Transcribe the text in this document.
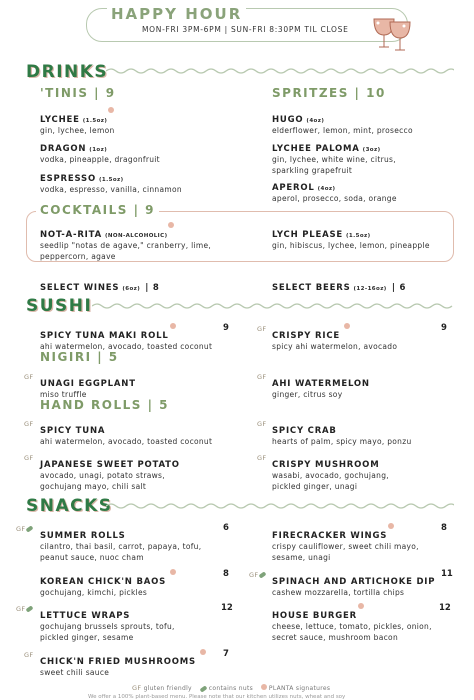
HAPPY HOUR
MON-FRI 3PM-6PM | SUN-FRI 8:30PM TIL CLOSE
DRINKS
'TINIS | 9	SPRITZES | 10
LYCHEE (1.5oz)
gin, lychee, lemon
DRAGON (1oz)
vodka, pineapple, dragonfruit
ESPRESSO (1.5oz)
vodka, espresso, vanilla, cinnamon
HUGO (4oz)
elderflower, lemon, mint, prosecco
LYCHEE PALOMA (3oz)
gin, lychee, white wine, citrus,
sparkling grapefruit
APEROL (4oz)
aperol, prosecco, soda, orange
COCKTAILS | 9
NOT-A-RITA (NON-ALCOHOLIC)
seedlip "notas de agave," cranberry, lime,
peppercorn, agave
LYCH PLEASE (1.5oz)
gin, hibiscus, lychee, lemon, pineapple
SELECT WINES (6oz) | 8	SELECT BEERS (12-16oz) | 6
SUSHI
SPICY TUNA MAKI ROLL
ahi watermelon, avocado, toasted coconut
9	GF
CRISPY RICE
spicy ahi watermelon, avocado
9
NIGIRI | 5
GF
UNAGI EGGPLANT
miso truffle
GF
AHI WATERMELON
ginger, citrus soy
HAND ROLLS | 5
GF
SPICY TUNA
ahi watermelon, avocado, toasted coconut
GF
SPICY CRAB
hearts of palm, spicy mayo, ponzu
GF
JAPANESE SWEET POTATO
avocado, unagi, potato straws,
gochujang mayo, chili salt
GF
CRISPY MUSHROOM
wasabi, avocado, gochujang,
pickled ginger, unagi
SNACKS
GF
SUMMER ROLLS
cilantro, thai basil, carrot, papaya, tofu,
peanut sauce, nuoc cham
6
FIRECRACKER WINGS
crispy cauliflower, sweet chili mayo,
sesame, unagi
8
KOREAN CHICK'N BAOS
gochujang, kimchi, pickles
8	GF
SPINACH AND ARTICHOKE DIP
cashew mozzarella, tortilla chips
11
GF
LETTUCE WRAPS
gochujang brussels sprouts, tofu,
pickled ginger, sesame
12
HOUSE BURGER
cheese, lettuce, tomato, pickles, onion,
secret sauce, mushroom bacon
12
GF
CHICK'N FRIED MUSHROOMS
sweet chili sauce
7
GF gluten friendly	contains nuts	PLANTA signatures
We offer a 100% plant-based menu. Please note that our kitchen utilizes nuts, wheat and soy
